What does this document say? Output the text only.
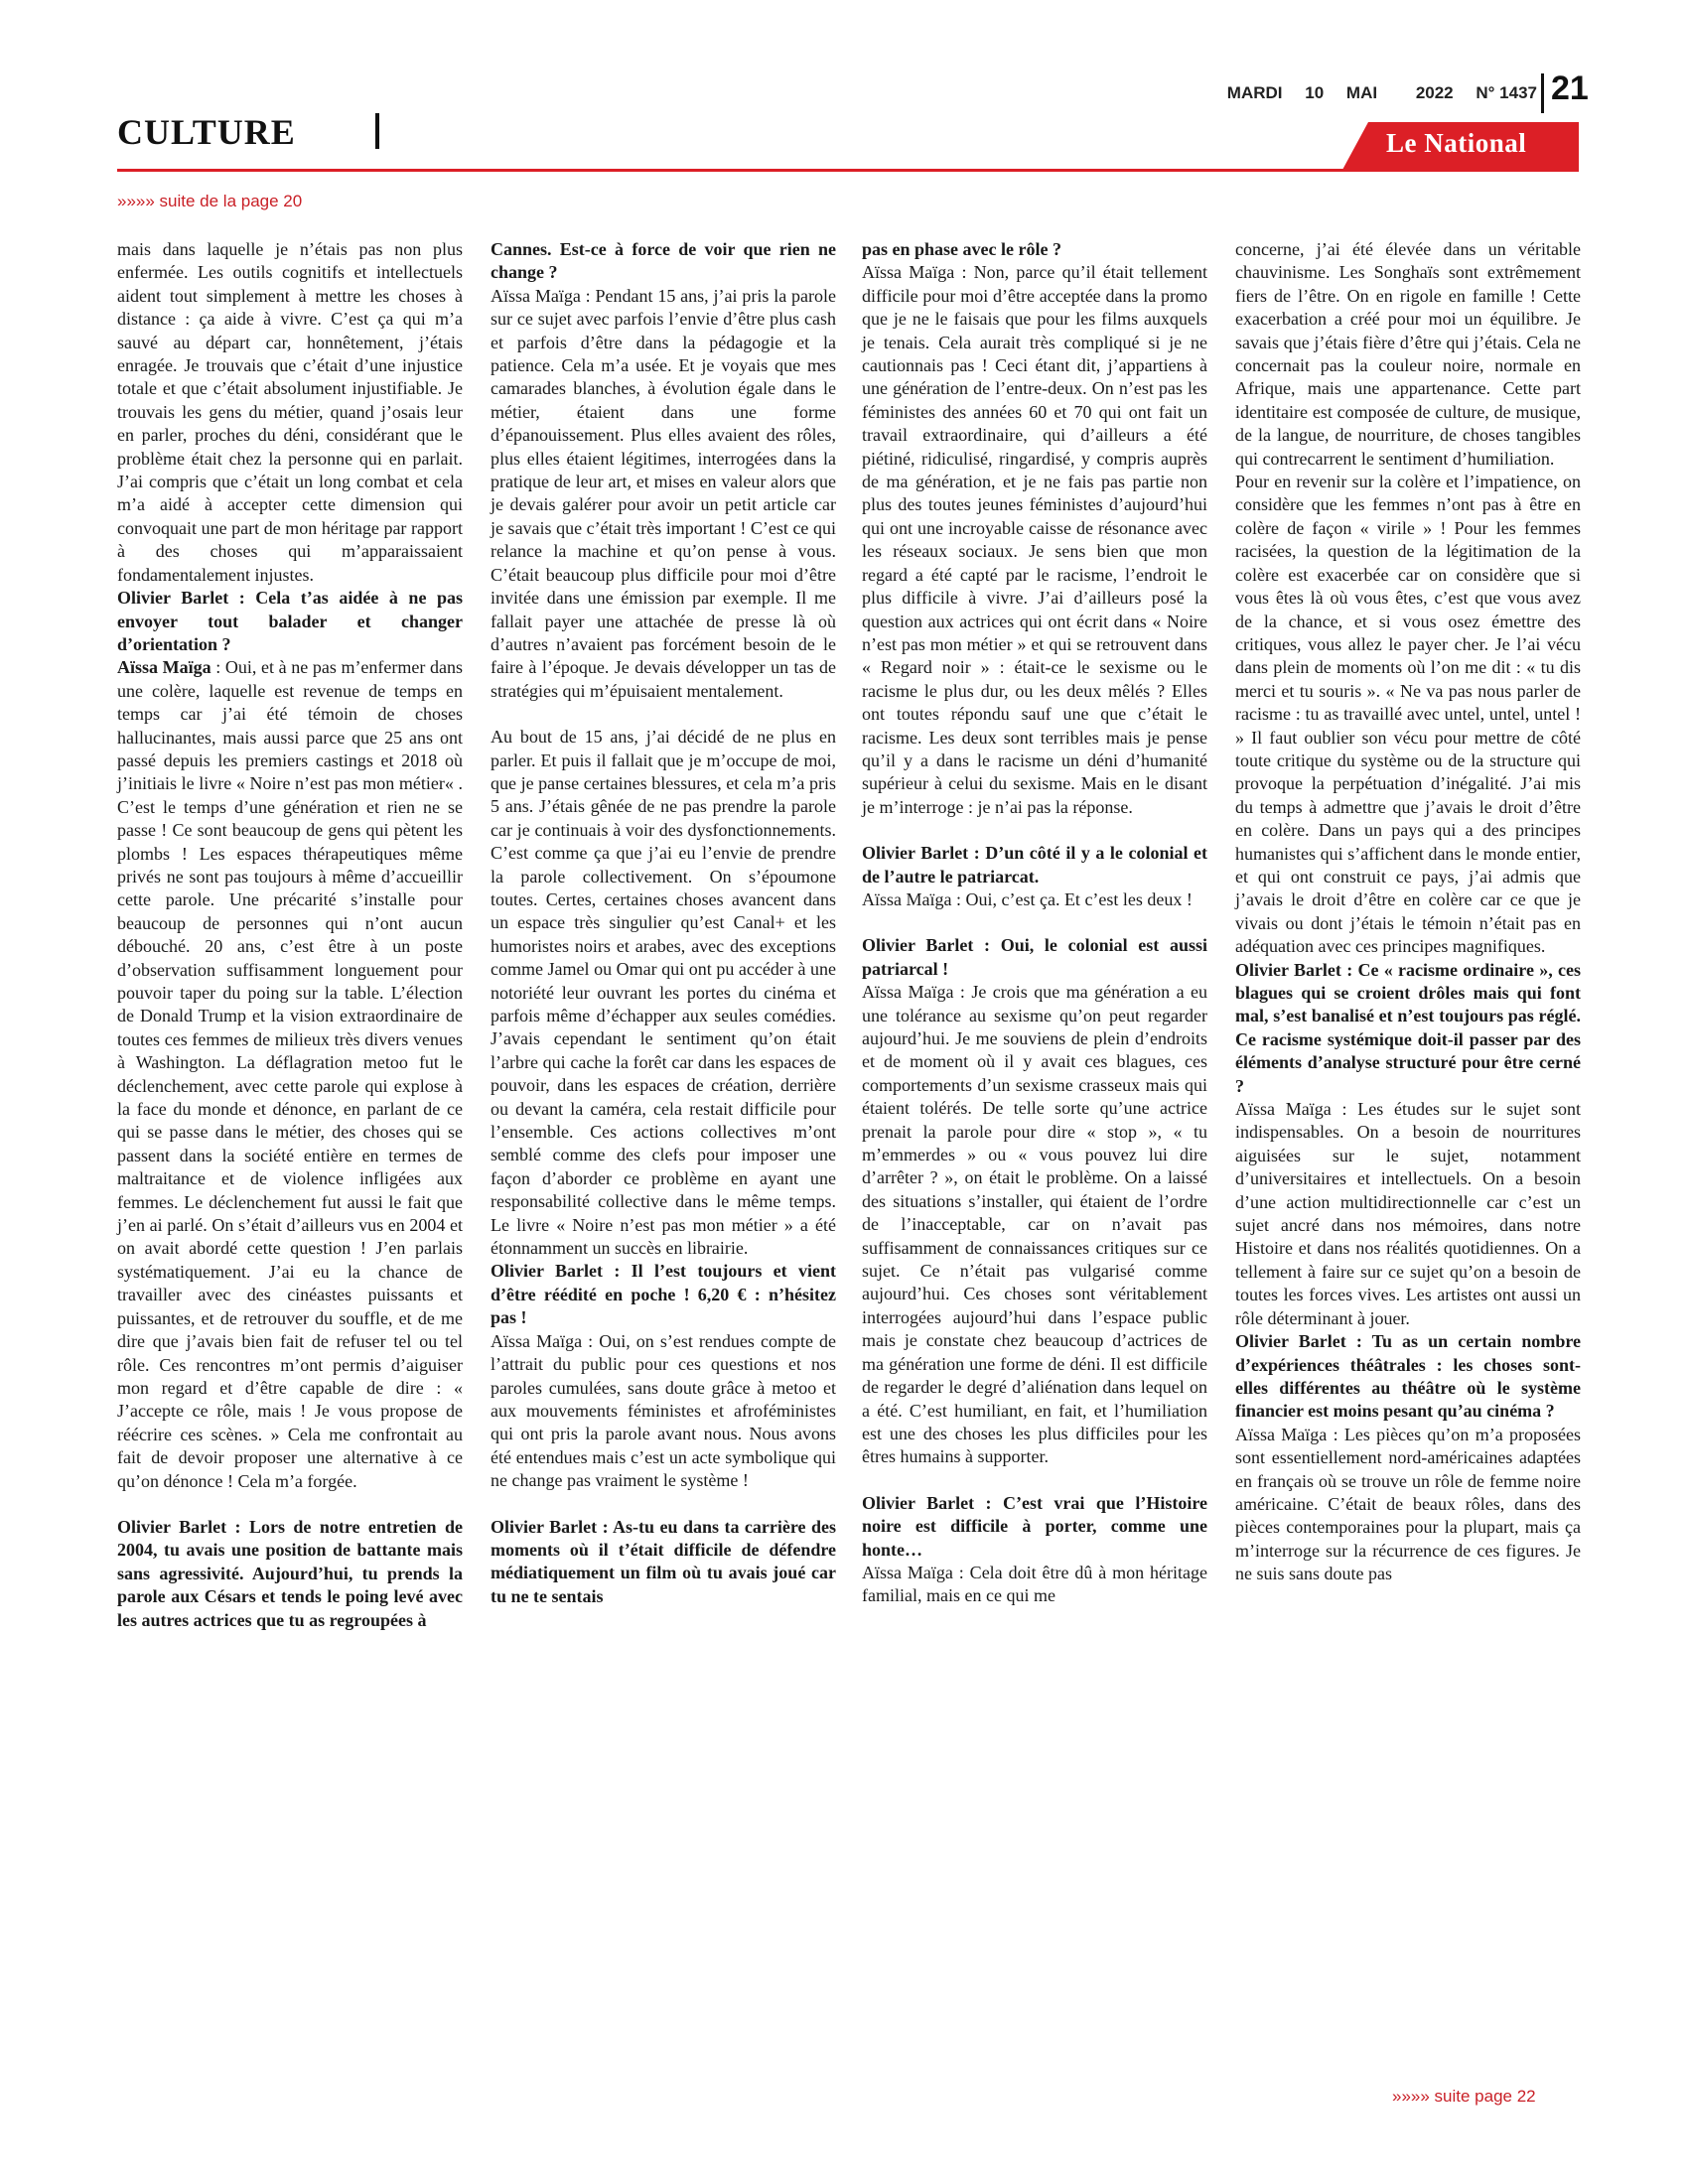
CULTURE
MARDI 10 MAI 2022 N° 1437 21
Le National
»»»» suite de la page 20

mais dans laquelle je n’étais pas non plus enfermée. Les outils cognitifs et intellectuels aident tout simplement à mettre les choses à distance : ça aide à vivre. C’est ça qui m’a sauvé au départ car, honnêtement, j’étais enragée. Je trouvais que c’était d’une injustice totale et que c’était absolument injustifiable. Je trouvais les gens du métier, quand j’osais leur en parler, proches du déni, considérant que le problème était chez la personne qui en parlait. J’ai compris que c’était un long combat et cela m’a aidé à accepter cette dimension qui convoquait une part de mon héritage par rapport à des choses qui m’apparaissaient fondamentalement injustes.

Olivier Barlet : Cela t’as aidée à ne pas envoyer tout balader et changer d’orientation ?

Aïssa Maïga : Oui, et à ne pas m’enfermer dans une colère, laquelle est revenue de temps en temps car j’ai été témoin de choses hallucinantes, mais aussi parce que 25 ans ont passé depuis les premiers castings et 2018 où j’initiais le livre « Noire n’est pas mon métier« . C’est le temps d’une génération et rien ne se passe ! Ce sont beaucoup de gens qui pètent les plombs ! Les espaces thérapeutiques même privés ne sont pas toujours à même d’accueillir cette parole. Une précarité s’installe pour beaucoup de personnes qui n’ont aucun débouché. 20 ans, c’est être à un poste d’observation suffisamment longuement pour pouvoir taper du poing sur la table. L’élection de Donald Trump et la vision extraordinaire de toutes ces femmes de milieux très divers venues à Washington. La déflagration metoo fut le déclenchement, avec cette parole qui explose à la face du monde et dénonce, en parlant de ce qui se passe dans le métier, des choses qui se passent dans la société entière en termes de maltraitance et de violence infligées aux femmes. Le déclenchement fut aussi le fait que j’en ai parlé. On s’était d’ailleurs vus en 2004 et on avait abordé cette question ! J’en parlais systématiquement. J’ai eu la chance de travailler avec des cinéastes puissants et puissantes, et de retrouver du souffle, et de me dire que j’avais bien fait de refuser tel ou tel rôle. Ces rencontres m’ont permis d’aiguiser mon regard et d’être capable de dire : « J’accepte ce rôle, mais ! Je vous propose de réécrire ces scènes. » Cela me confrontait au fait de devoir proposer une alternative à ce qu’on dénonce ! Cela m’a forgée.

Olivier Barlet : Lors de notre entretien de 2004, tu avais une position de battante mais sans agressivité. Aujourd’hui, tu prends la parole aux Césars et tends le poing levé avec les autres actrices que tu as regroupées à

Cannes. Est-ce à force de voir que rien ne change ?

Aïssa Maïga : Pendant 15 ans, j’ai pris la parole sur ce sujet avec parfois l’envie d’être plus cash et parfois d’être dans la pédagogie et la patience. Cela m’a usée. Et je voyais que mes camarades blanches, à évolution égale dans le métier, étaient dans une forme d’épanouissement. Plus elles avaient des rôles, plus elles étaient légitimes, interrogées dans la pratique de leur art, et mises en valeur alors que je devais galérer pour avoir un petit article car je savais que c’était très important ! C’est ce qui relance la machine et qu’on pense à vous. C’était beaucoup plus difficile pour moi d’être invitée dans une émission par exemple. Il me fallait payer une attachée de presse là où d’autres n’avaient pas forcément besoin de le faire à l’époque. Je devais développer un tas de stratégies qui m’épuisaient mentalement.

Au bout de 15 ans, j’ai décidé de ne plus en parler. Et puis il fallait que je m’occupe de moi, que je panse certaines blessures, et cela m’a pris 5 ans. J’étais gênée de ne pas prendre la parole car je continuais à voir des dysfonctionnements. C’est comme ça que j’ai eu l’envie de prendre la parole collectivement. On s’époumone toutes. Certes, certaines choses avancent dans un espace très singulier qu’est Canal+ et les humoristes noirs et arabes, avec des exceptions comme Jamel ou Omar qui ont pu accéder à une notoriété leur ouvrant les portes du cinéma et parfois même d’échapper aux seules comédies. J’avais cependant le sentiment qu’on était l’arbre qui cache la forêt car dans les espaces de pouvoir, dans les espaces de création, derrière ou devant la caméra, cela restait difficile pour l’ensemble. Ces actions collectives m’ont semblé comme des clefs pour imposer une façon d’aborder ce problème en ayant une responsabilité collective dans le même temps. Le livre « Noire n’est pas mon métier » a été étonnamment un succès en librairie.

Olivier Barlet : Il l’est toujours et vient d’être réédité en poche ! 6,20 € : n’hésitez pas !

Aïssa Maïga : Oui, on s’est rendues compte de l’attrait du public pour ces questions et nos paroles cumulées, sans doute grâce à metoo et aux mouvements féministes et afroféministes qui ont pris la parole avant nous. Nous avons été entendues mais c’est un acte symbolique qui ne change pas vraiment le système !

Olivier Barlet : As-tu eu dans ta carrière des moments où il t’était difficile de défendre médiatiquement un film où tu avais joué car tu ne te sentais

pas en phase avec le rôle ?

Aïssa Maïga : Non, parce qu’il était tellement difficile pour moi d’être acceptée dans la promo que je ne le faisais que pour les films auxquels je tenais. Cela aurait très compliqué si je ne cautionnais pas ! Ceci étant dit, j’appartiens à une génération de l’entre-deux. On n’est pas les féministes des années 60 et 70 qui ont fait un travail extraordinaire, qui d’ailleurs a été piétiné, ridiculisé, ringardisé, y compris auprès de ma génération, et je ne fais pas partie non plus des toutes jeunes féministes d’aujourd’hui qui ont une incroyable caisse de résonance avec les réseaux sociaux. Je sens bien que mon regard a été capté par le racisme, l’endroit le plus difficile à vivre. J’ai d’ailleurs posé la question aux actrices qui ont écrit dans « Noire n’est pas mon métier » et qui se retrouvent dans « Regard noir » : était-ce le sexisme ou le racisme le plus dur, ou les deux mêlés ? Elles ont toutes répondu sauf une que c’était le racisme. Les deux sont terribles mais je pense qu’il y a dans le racisme un déni d’humanité supérieur à celui du sexisme. Mais en le disant je m’interroge : je n’ai pas la réponse.

Olivier Barlet : D’un côté il y a le colonial et de l’autre le patriarcat.

Aïssa Maïga : Oui, c’est ça. Et c’est les deux !

Olivier Barlet : Oui, le colonial est aussi patriarcal !

Aïssa Maïga : Je crois que ma génération a eu une tolérance au sexisme qu’on peut regarder aujourd’hui. Je me souviens de plein d’endroits et de moment où il y avait ces blagues, ces comportements d’un sexisme crasseux mais qui étaient tolérés. De telle sorte qu’une actrice prenait la parole pour dire « stop », « tu m’emmerdes » ou « vous pouvez lui dire d’arrêter ? », on était le problème. On a laissé des situations s’installer, qui étaient de l’ordre de l’inacceptable, car on n’avait pas suffisamment de connaissances critiques sur ce sujet. Ce n’était pas vulgarisé comme aujourd’hui. Ces choses sont véritablement interrogées aujourd’hui dans l’espace public mais je constate chez beaucoup d’actrices de ma génération une forme de déni. Il est difficile de regarder le degré d’aliénation dans lequel on a été. C’est humiliant, en fait, et l’humiliation est une des choses les plus difficiles pour les êtres humains à supporter.

Olivier Barlet : C’est vrai que l’Histoire noire est difficile à porter, comme une honte…

Aïssa Maïga : Cela doit être dû à mon héritage familial, mais en ce qui me

concerne, j’ai été élevée dans un véritable chauvinisme. Les Songhaïs sont extrêmement fiers de l’être. On en rigole en famille ! Cette exacerbation a créé pour moi un équilibre. Je savais que j’étais fière d’être qui j’étais. Cela ne concernait pas la couleur noire, normale en Afrique, mais une appartenance. Cette part identitaire est composée de culture, de musique, de la langue, de nourriture, de choses tangibles qui contrecarrent le sentiment d’humiliation.

Pour en revenir sur la colère et l’impatience, on considère que les femmes n’ont pas à être en colère de façon « virile » ! Pour les femmes racisées, la question de la légitimation de la colère est exacerbée car on considère que si vous êtes là où vous êtes, c’est que vous avez de la chance, et si vous osez émettre des critiques, vous allez le payer cher. Je l’ai vécu dans plein de moments où l’on me dit : « tu dis merci et tu souris ». « Ne va pas nous parler de racisme : tu as travaillé avec untel, untel, untel ! » Il faut oublier son vécu pour mettre de côté toute critique du système ou de la structure qui provoque la perpétuation d’inégalité. J’ai mis du temps à admettre que j’avais le droit d’être en colère. Dans un pays qui a des principes humanistes qui s’affichent dans le monde entier, et qui ont construit ce pays, j’ai admis que j’avais le droit d’être en colère car ce que je vivais ou dont j’étais le témoin n’était pas en adéquation avec ces principes magnifiques.

Olivier Barlet : Ce « racisme ordinaire », ces blagues qui se croient drôles mais qui font mal, s’est banalisé et n’est toujours pas réglé. Ce racisme systémique doit-il passer par des éléments d’analyse structuré pour être cerné ?

Aïssa Maïga : Les études sur le sujet sont indispensables. On a besoin de nourritures aiguisées sur le sujet, notamment d’universitaires et intellectuels. On a besoin d’une action multidirectionnelle car c’est un sujet ancré dans nos mémoires, dans notre Histoire et dans nos réalités quotidiennes. On a tellement à faire sur ce sujet qu’on a besoin de toutes les forces vives. Les artistes ont aussi un rôle déterminant à jouer.

Olivier Barlet : Tu as un certain nombre d’expériences théâtrales : les choses sont-elles différentes au théâtre où le système financier est moins pesant qu’au cinéma ?

Aïssa Maïga : Les pièces qu’on m’a proposées sont essentiellement nord-américaines adaptées en français où se trouve un rôle de femme noire américaine. C’était de beaux rôles, dans des pièces contemporaines pour la plupart, mais ça m’interroge sur la récurrence de ces figures. Je ne suis sans doute pas

»»»» suite page 22
